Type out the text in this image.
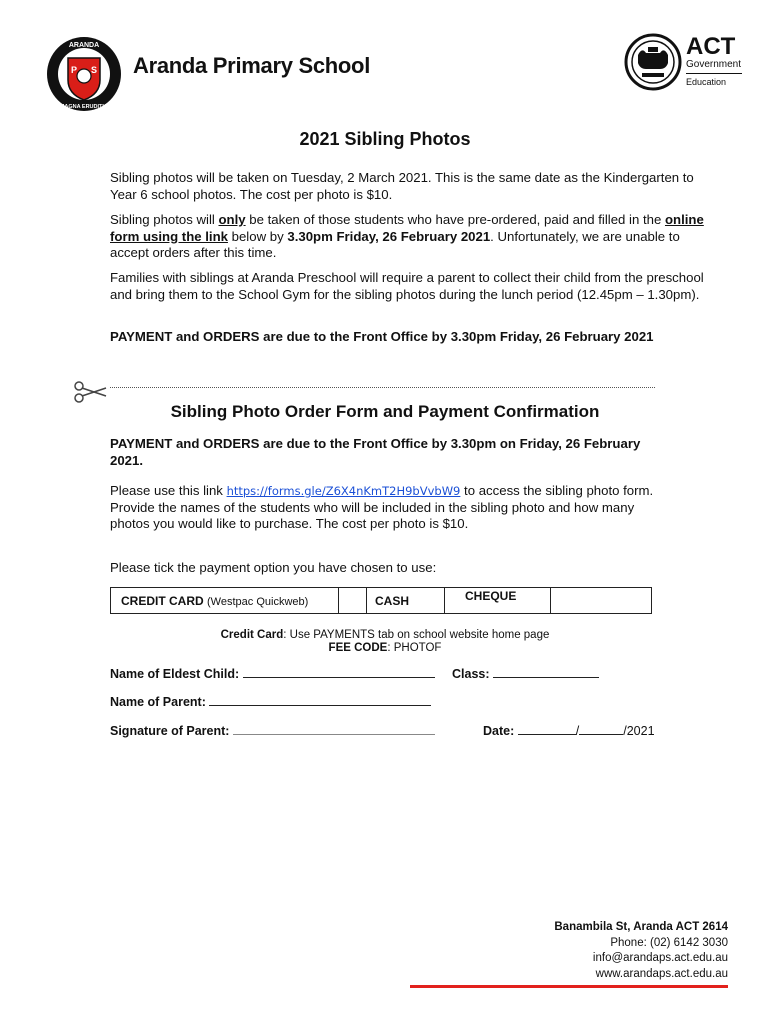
P S
ARANDA
MAGNA ERUDITIO
Aranda Primary School
ACT
Government
Education
2021 Sibling Photos
Sibling photos will be taken on Tuesday, 2 March 2021. This is the same date as the Kindergarten to Year 6 school photos. The cost per photo is $10.
Sibling photos will only be taken of those students who have pre-ordered, paid and filled in the online form using the link below by 3.30pm Friday, 26 February 2021. Unfortunately, we are unable to accept orders after this time.
Families with siblings at Aranda Preschool will require a parent to collect their child from the preschool and bring them to the School Gym for the sibling photos during the lunch period (12.45pm – 1.30pm).
PAYMENT and ORDERS are due to the Front Office by 3.30pm Friday, 26 February 2021
Sibling Photo Order Form and Payment Confirmation
PAYMENT and ORDERS are due to the Front Office by 3.30pm on Friday, 26 February 2021.
Please use this link https://forms.gle/Z6X4nKmT2H9bVvbW9 to access the sibling photo form. Provide the names of the students who will be included in the sibling photo and how many photos you would like to purchase. The cost per photo is $10.
Please tick the payment option you have chosen to use:
CREDIT CARD (Westpac Quickweb)	CASH	CHEQUE
Credit Card: Use PAYMENTS tab on school website home page
FEE CODE: PHOTOF
Name of Eldest Child:	Class:
Name of Parent:
Signature of Parent:	Date:	/	/2021
Banambila St, Aranda ACT 2614
Phone: (02) 6142 3030
info@arandaps.act.edu.au
www.arandaps.act.edu.au
